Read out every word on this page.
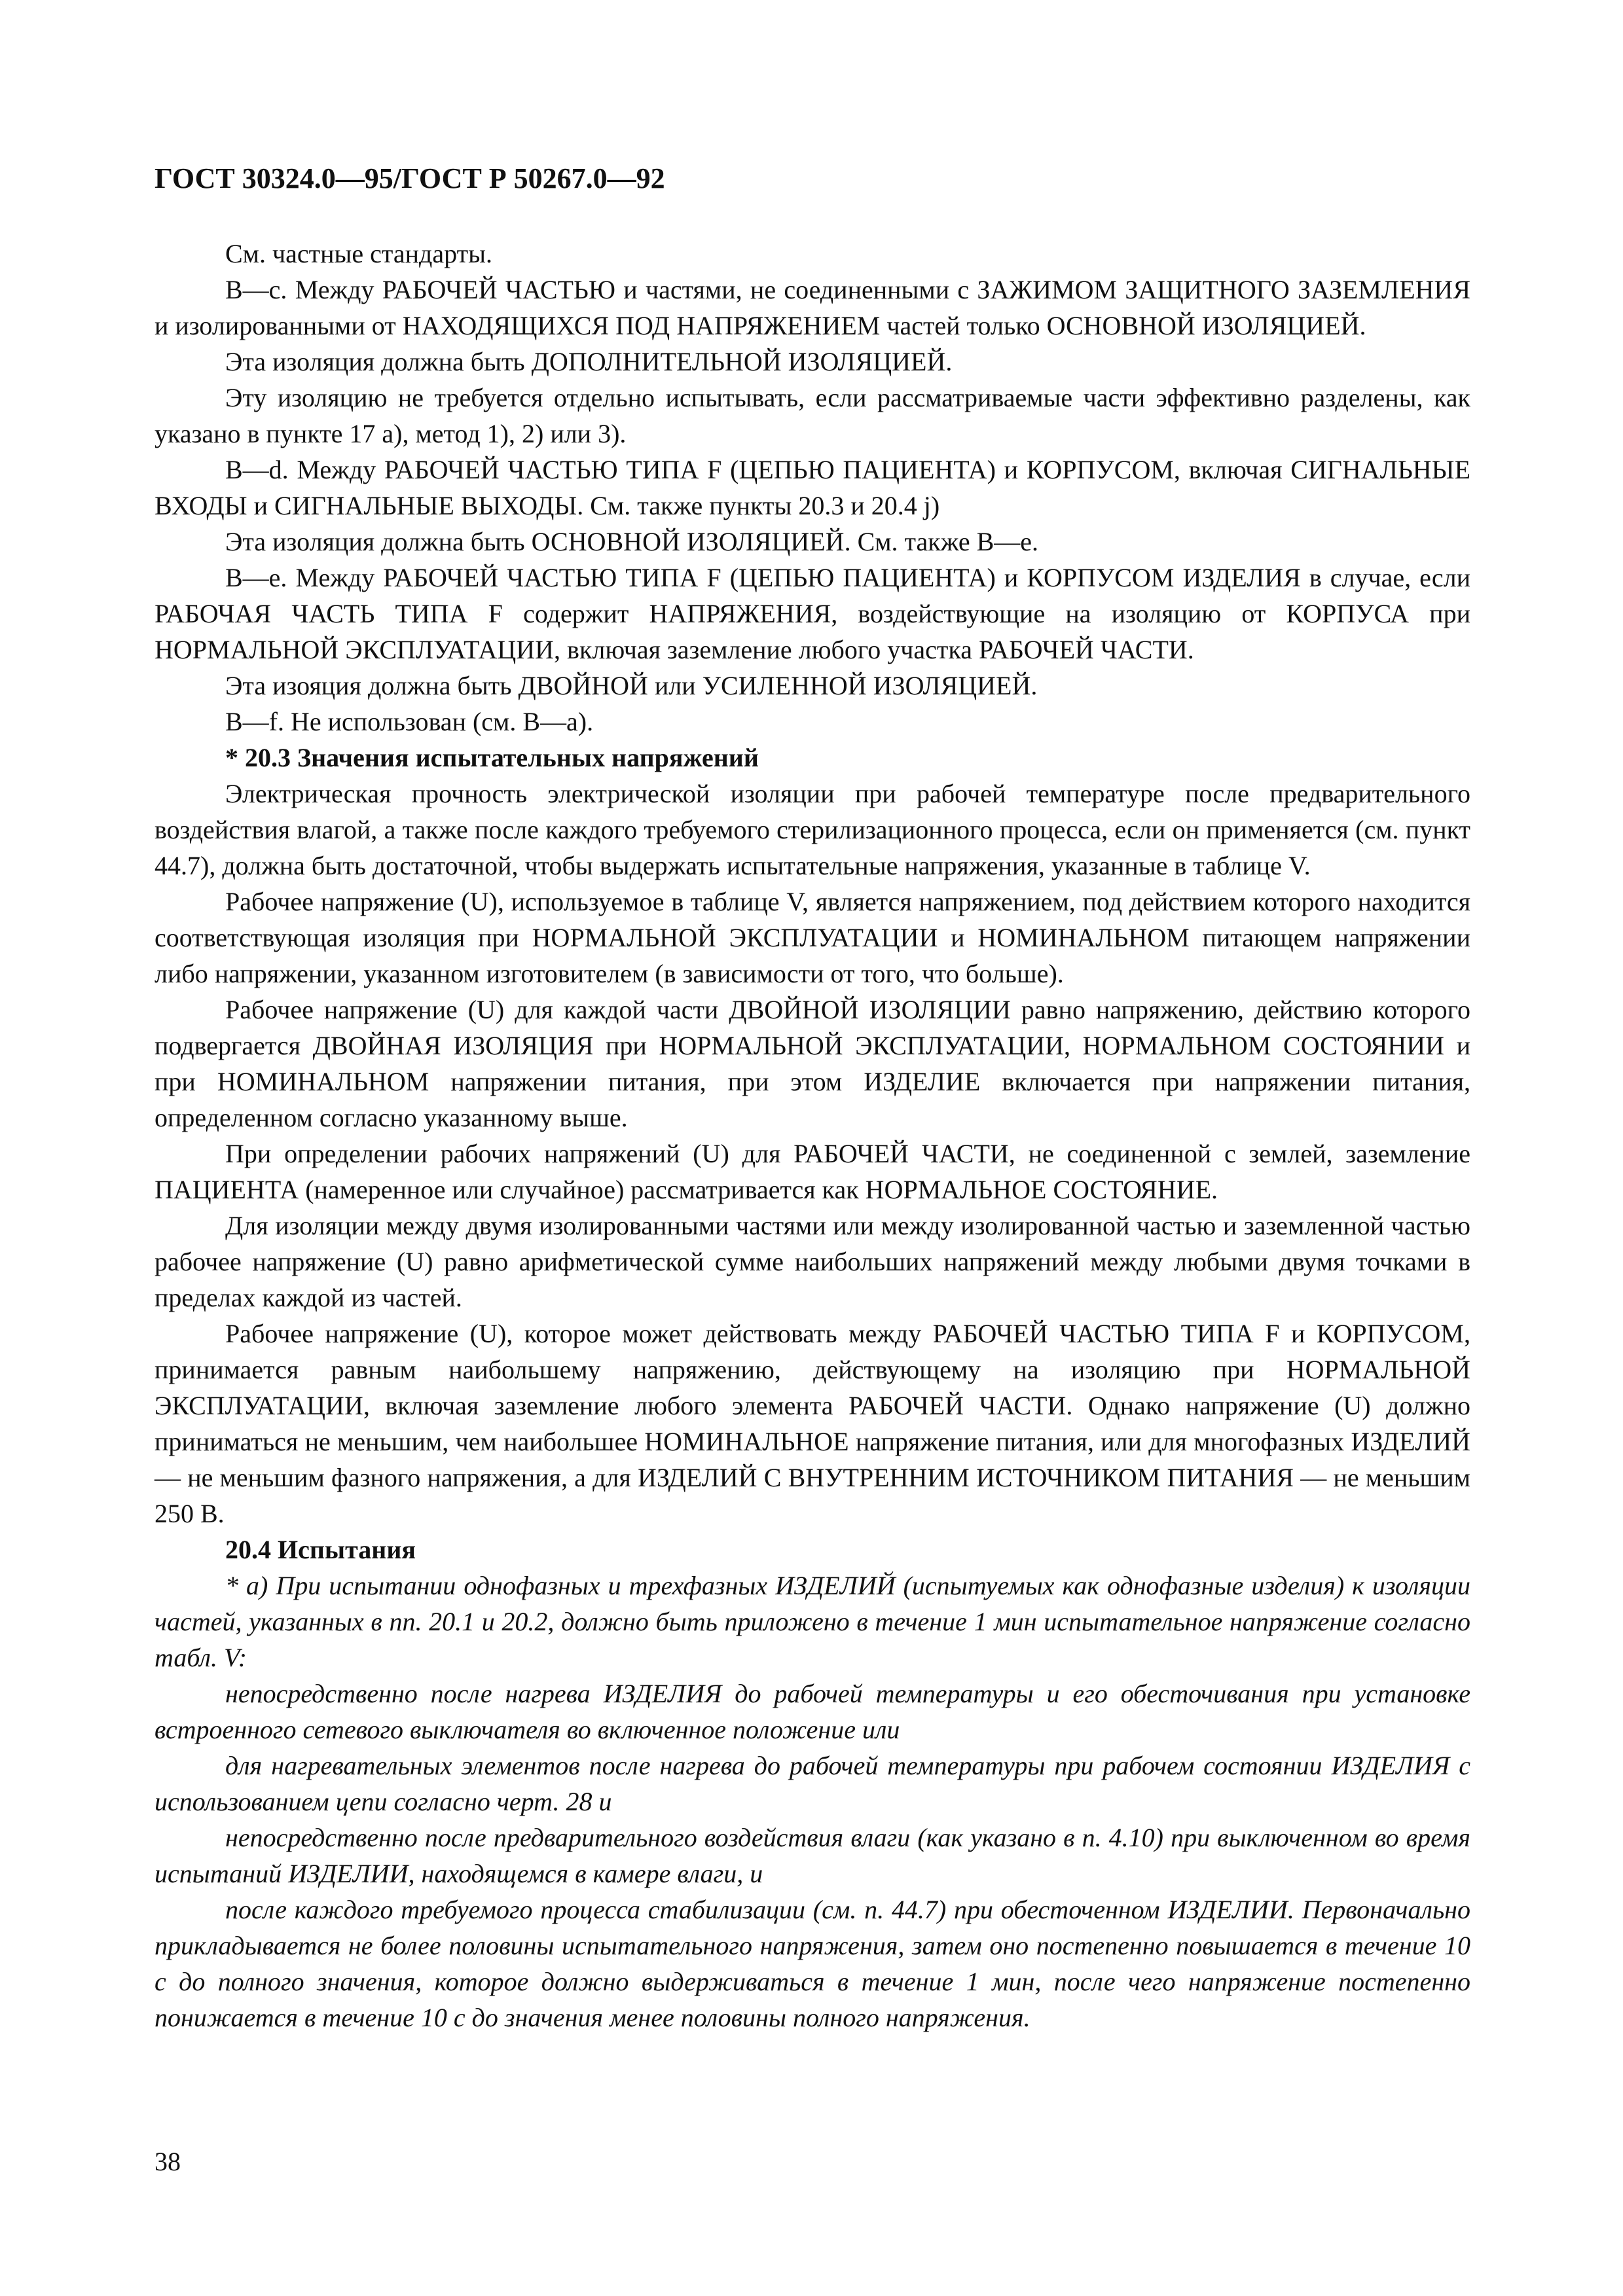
ГОСТ 30324.0—95/ГОСТ Р 50267.0—92

См. частные стандарты.

В—с. Между РАБОЧЕЙ ЧАСТЬЮ и частями, не соединенными с ЗАЖИМОМ ЗАЩИТНОГО ЗАЗЕМЛЕНИЯ и изолированными от НАХОДЯЩИХСЯ ПОД НАПРЯЖЕНИЕМ частей только ОСНОВНОЙ ИЗОЛЯЦИЕЙ.

Эта изоляция должна быть ДОПОЛНИТЕЛЬНОЙ ИЗОЛЯЦИЕЙ.

Эту изоляцию не требуется отдельно испытывать, если рассматриваемые части эффективно разделены, как указано в пункте 17 а), метод 1), 2) или 3).

В—d. Между РАБОЧЕЙ ЧАСТЬЮ ТИПА F (ЦЕПЬЮ ПАЦИЕНТА) и КОРПУСОМ, включая СИГНАЛЬНЫЕ ВХОДЫ и СИГНАЛЬНЫЕ ВЫХОДЫ. См. также пункты 20.3 и 20.4 j)

Эта изоляция должна быть ОСНОВНОЙ ИЗОЛЯЦИЕЙ. См. также В—е.

В—е. Между РАБОЧЕЙ ЧАСТЬЮ ТИПА F (ЦЕПЬЮ ПАЦИЕНТА) и КОРПУСОМ ИЗДЕЛИЯ в случае, если РАБОЧАЯ ЧАСТЬ ТИПА F содержит НАПРЯЖЕНИЯ, воздействующие на изоляцию от КОРПУСА при НОРМАЛЬНОЙ ЭКСПЛУАТАЦИИ, включая заземление любого участка РАБОЧЕЙ ЧАСТИ.

Эта изояция должна быть ДВОЙНОЙ или УСИЛЕННОЙ ИЗОЛЯЦИЕЙ.

В—f. Не использован (см. В—а).

* 20.3 Значения испытательных напряжений

Электрическая прочность электрической изоляции при рабочей температуре после предварительного воздействия влагой, а также после каждого требуемого стерилизационного процесса, если он применяется (см. пункт 44.7), должна быть достаточной, чтобы выдержать испытательные напряжения, указанные в таблице V.

Рабочее напряжение (U), используемое в таблице V, является напряжением, под действием которого находится соответствующая изоляция при НОРМАЛЬНОЙ ЭКСПЛУАТАЦИИ и НОМИНАЛЬНОМ питающем напряжении либо напряжении, указанном изготовителем (в зависимости от того, что больше).

Рабочее напряжение (U) для каждой части ДВОЙНОЙ ИЗОЛЯЦИИ равно напряжению, действию которого подвергается ДВОЙНАЯ ИЗОЛЯЦИЯ при НОРМАЛЬНОЙ ЭКСПЛУАТАЦИИ, НОРМАЛЬНОМ СОСТОЯНИИ и при НОМИНАЛЬНОМ напряжении питания, при этом ИЗДЕЛИЕ включается при напряжении питания, определенном согласно указанному выше.

При определении рабочих напряжений (U) для РАБОЧЕЙ ЧАСТИ, не соединенной с землей, заземление ПАЦИЕНТА (намеренное или случайное) рассматривается как НОРМАЛЬНОЕ СОСТОЯНИЕ.

Для изоляции между двумя изолированными частями или между изолированной частью и заземленной частью рабочее напряжение (U) равно арифметической сумме наибольших напряжений между любыми двумя точками в пределах каждой из частей.

Рабочее напряжение (U), которое может действовать между РАБОЧЕЙ ЧАСТЬЮ ТИПА F и КОРПУСОМ, принимается равным наибольшему напряжению, действующему на изоляцию при НОРМАЛЬНОЙ ЭКСПЛУАТАЦИИ, включая заземление любого элемента РАБОЧЕЙ ЧАСТИ. Однако напряжение (U) должно приниматься не меньшим, чем наибольшее НОМИНАЛЬНОЕ напряжение питания, или для многофазных ИЗДЕЛИЙ — не меньшим фазного напряжения, а для ИЗДЕЛИЙ С ВНУТРЕННИМ ИСТОЧНИКОМ ПИТАНИЯ — не меньшим 250 В.

20.4 Испытания

* а) При испытании однофазных и трехфазных ИЗДЕЛИЙ (испытуемых как однофазные изделия) к изоляции частей, указанных в пп. 20.1 и 20.2, должно быть приложено в течение 1 мин испытательное напряжение согласно табл. V:

непосредственно после нагрева ИЗДЕЛИЯ до рабочей температуры и его обесточивания при установке встроенного сетевого выключателя во включенное положение или

для нагревательных элементов после нагрева до рабочей температуры при рабочем состоянии ИЗДЕЛИЯ с использованием цепи согласно черт. 28 и

непосредственно после предварительного воздействия влаги (как указано в п. 4.10) при выключенном во время испытаний ИЗДЕЛИИ, находящемся в камере влаги, и

после каждого требуемого процесса стабилизации (см. п. 44.7) при обесточенном ИЗДЕЛИИ. Первоначально прикладывается не более половины испытательного напряжения, затем оно постепенно повышается в течение 10 с до полного значения, которое должно выдерживаться в течение 1 мин, после чего напряжение постепенно понижается в течение 10 с до значения менее половины полного напряжения.

38
